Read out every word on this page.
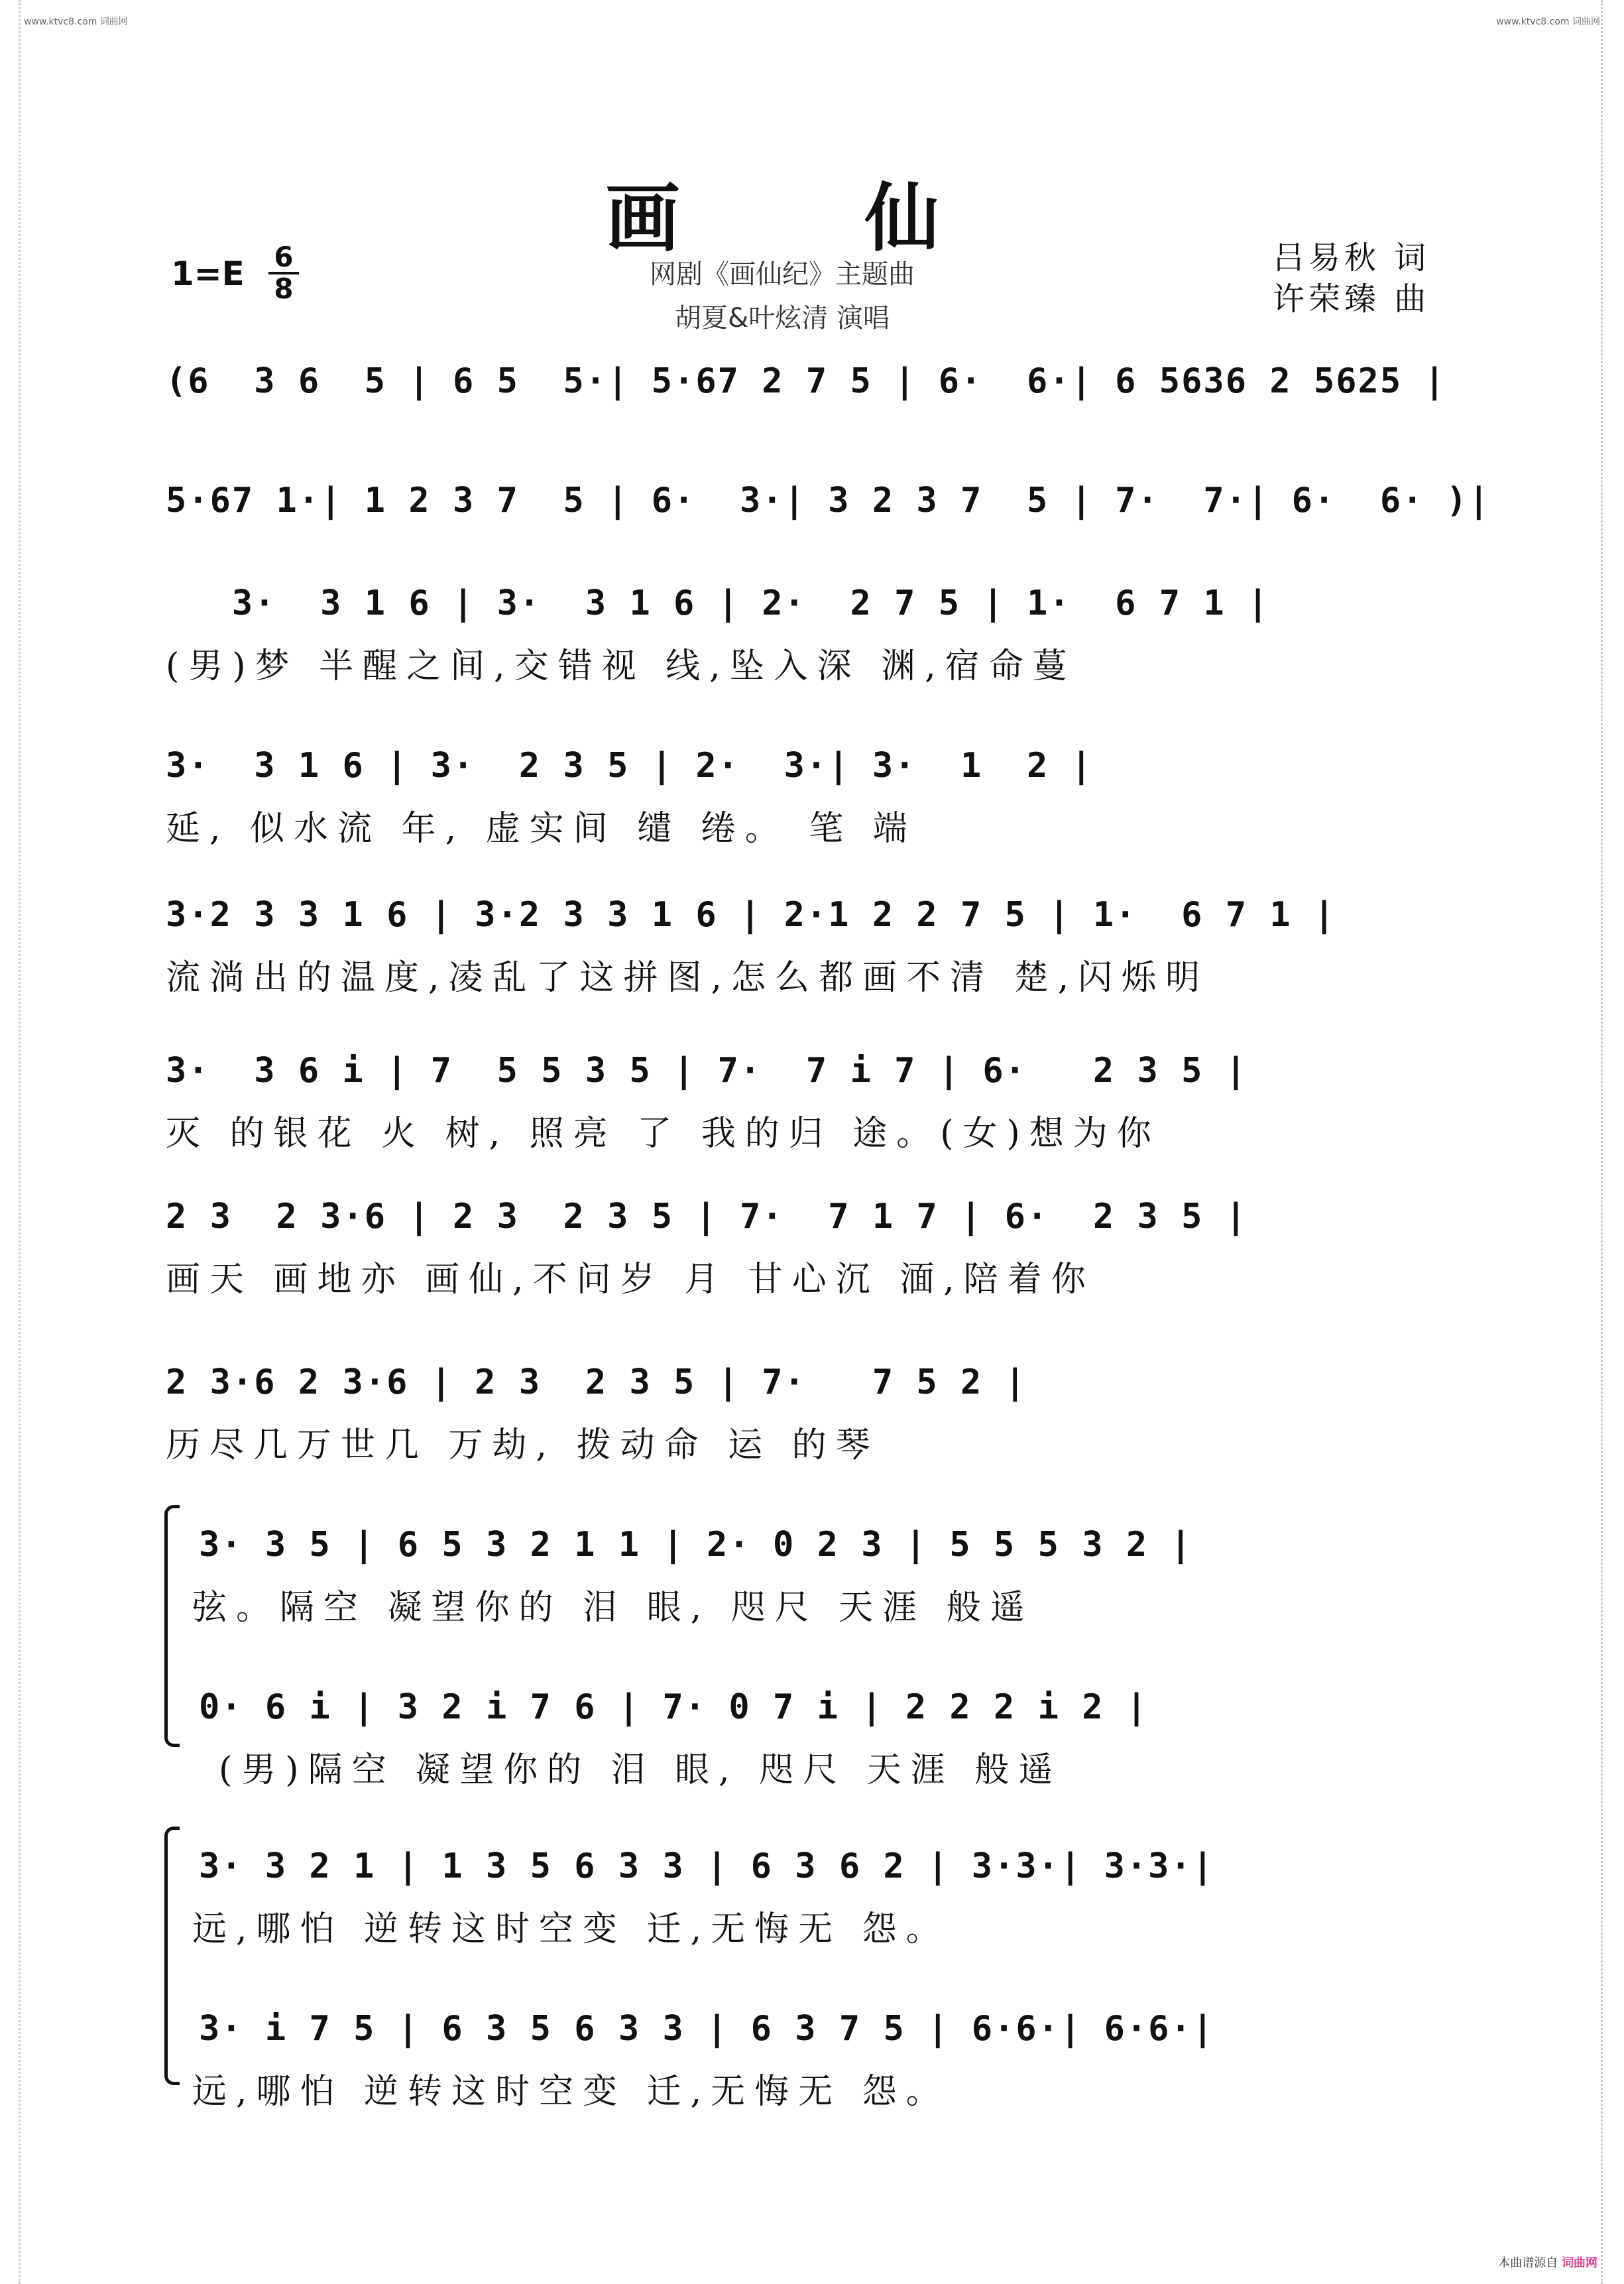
www.ktvc8.com 词曲网	www.ktvc8.com 词曲网
本曲谱源自 词曲网
画 仙
网剧《画仙纪》主题曲
胡夏&叶炫清 演唱
吕易秋 词
许荣臻 曲
1=E 6
8
(6  3 6  5 | 6 5  5·| 5·67 2 7 5 | 6·  6·| 6 5636 2 5625 |
5·67 1·| 1 2 3 7  5 | 6·  3·| 3 2 3 7  5 | 7·  7·| 6·  6· )|
3·  3 1 6 | 3·  3 1 6 | 2·  2 7 5 | 1·  6 7 1 |
(男)梦 半醒之间,交错视 线,坠入深 渊,宿命蔓
3·  3 1 6 | 3·  2 3 5 | 2·  3·| 3·  1  2 |
延, 似水流 年, 虚实间 缱 绻。 笔 端
3·2 3 3 1 6 | 3·2 3 3 1 6 | 2·1 2 2 7 5 | 1·  6 7 1 |
流淌出的温度,凌乱了这拼图,怎么都画不清 楚,闪烁明
3·  3 6 i | 7  5 5 3 5 | 7·  7 i 7 | 6·   2 3 5 |
灭 的银花 火 树, 照亮 了 我的归 途。(女)想为你
2 3  2 3·6 | 2 3  2 3 5 | 7·  7 1 7 | 6·  2 3 5 |
画天 画地亦 画仙,不问岁 月 甘心沉 湎,陪着你
2 3·6 2 3·6 | 2 3  2 3 5 | 7·   7 5 2 |
历尽几万世几 万劫, 拨动命 运 的琴
3· 3 5 | 6 5 3 2 1 1 | 2· 0 2 3 | 5 5 5 3 2 |
弦。隔空 凝望你的 泪 眼, 咫尺 天涯 般遥
0· 6 i | 3 2 i 7 6 | 7· 0 7 i | 2 2 2 i 2 |
(男)隔空 凝望你的 泪 眼, 咫尺 天涯 般遥
3· 3 2 1 | 1 3 5 6 3 3 | 6 3 6 2 | 3·3·| 3·3·|
远,哪怕 逆转这时空变 迁,无悔无 怨。
3· i 7 5 | 6 3 5 6 3 3 | 6 3 7 5 | 6·6·| 6·6·|
远,哪怕 逆转这时空变 迁,无悔无 怨。
